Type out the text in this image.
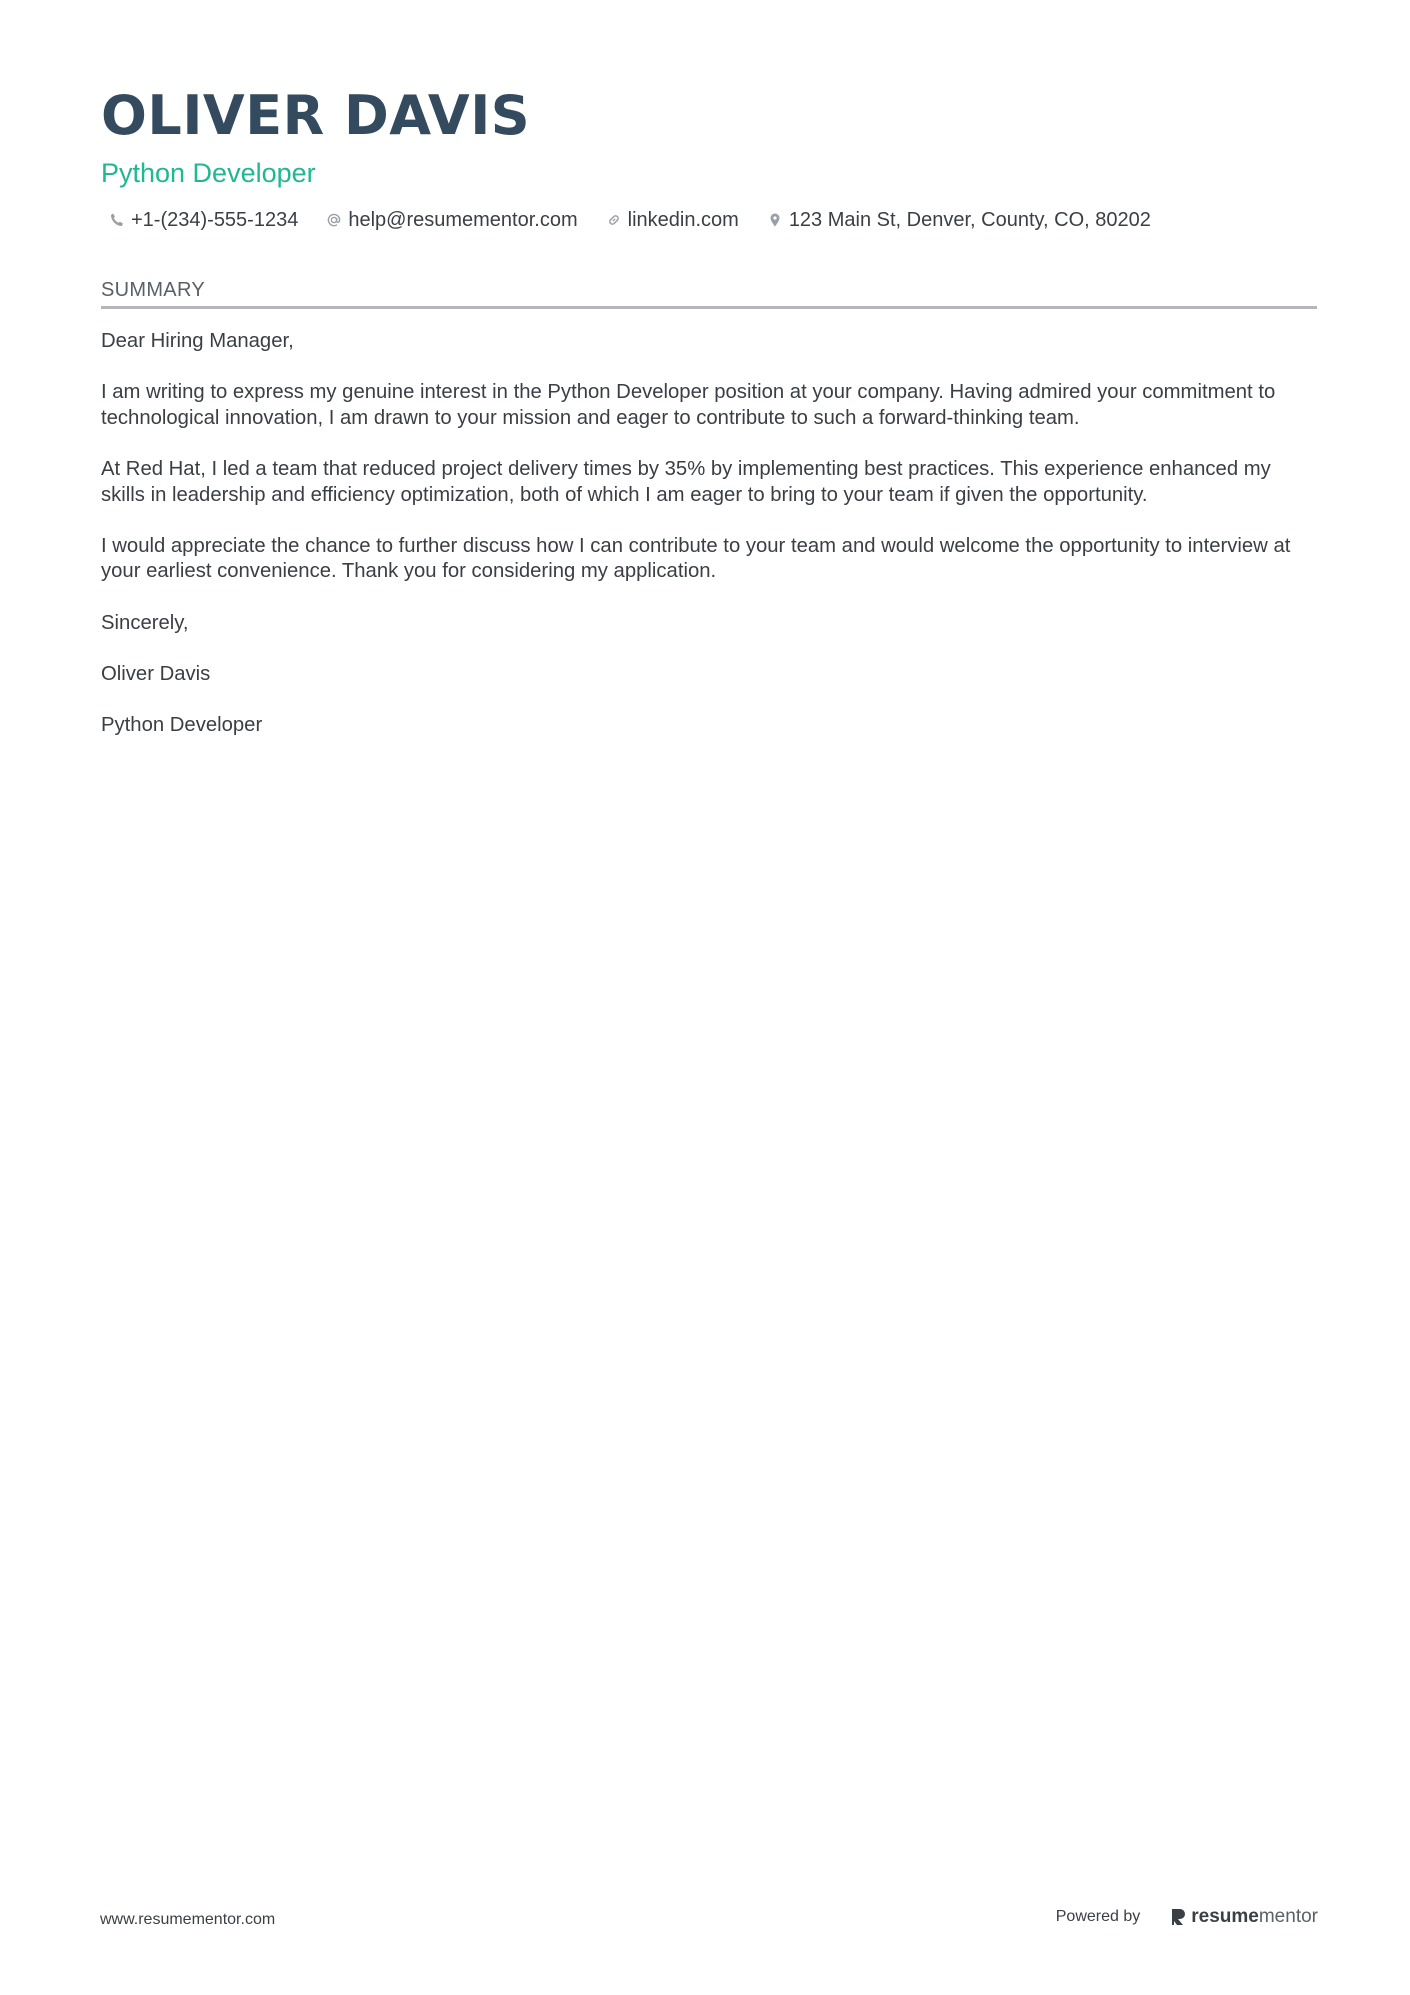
OLIVER DAVIS
Python Developer
+1-(234)-555-1234	help@resumementor.com	linkedin.com	123 Main St, Denver, County, CO, 80202
SUMMARY

Dear Hiring Manager,

I am writing to express my genuine interest in the Python Developer position at your company. Having admired your commitment to technological innovation, I am drawn to your mission and eager to contribute to such a forward-thinking team.

At Red Hat, I led a team that reduced project delivery times by 35% by implementing best practices. This experience enhanced my skills in leadership and efficiency optimization, both of which I am eager to bring to your team if given the opportunity.

I would appreciate the chance to further discuss how I can contribute to your team and would welcome the opportunity to interview at your earliest convenience. Thank you for considering my application.

Sincerely,

Oliver Davis

Python Developer

www.resumementor.com	Powered by	resume mentor
